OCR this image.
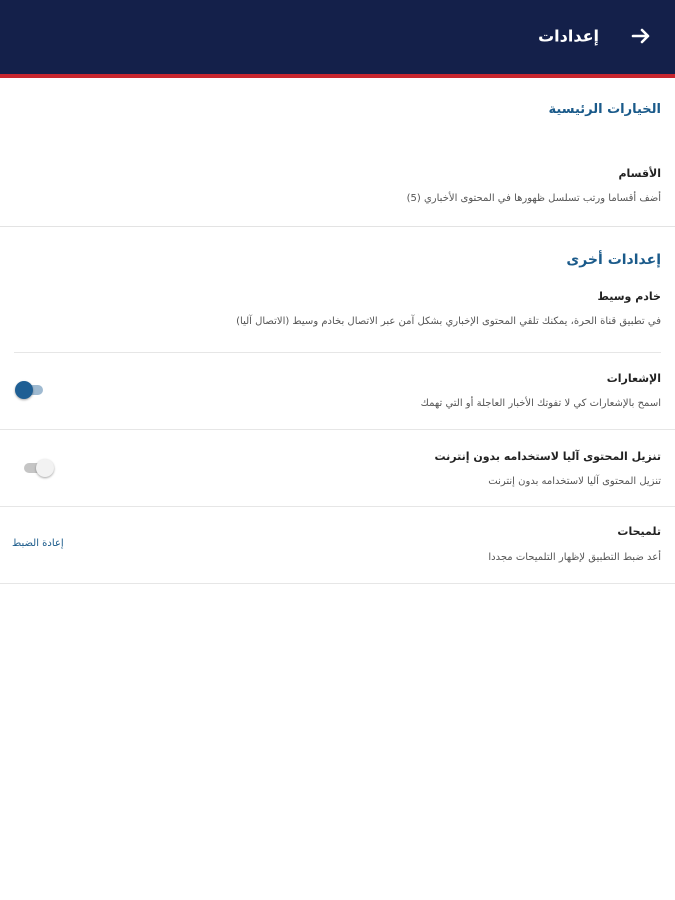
إعدادات
الخيارات الرئيسية
الأقسام
أضف أقساما ورتب تسلسل ظهورها في المحتوى الأخباري (5)
إعدادات أخرى
خادم وسيط
في تطبيق قناة الحرة، يمكنك تلقي المحتوى الإخباري بشكل آمن عبر الاتصال بخادم وسيط (الاتصال آليا)
الإشعارات
اسمح بالإشعارات كي لا تفوتك الأخبار العاجلة أو التي تهمك
تنزيل المحتوى آليا لاستخدامه بدون إنترنت
تنزيل المحتوى آليا لاستخدامه بدون إنترنت
تلميحات
أعد ضبط التطبيق لإظهار التلميحات مجددا
إعادة الضبط
